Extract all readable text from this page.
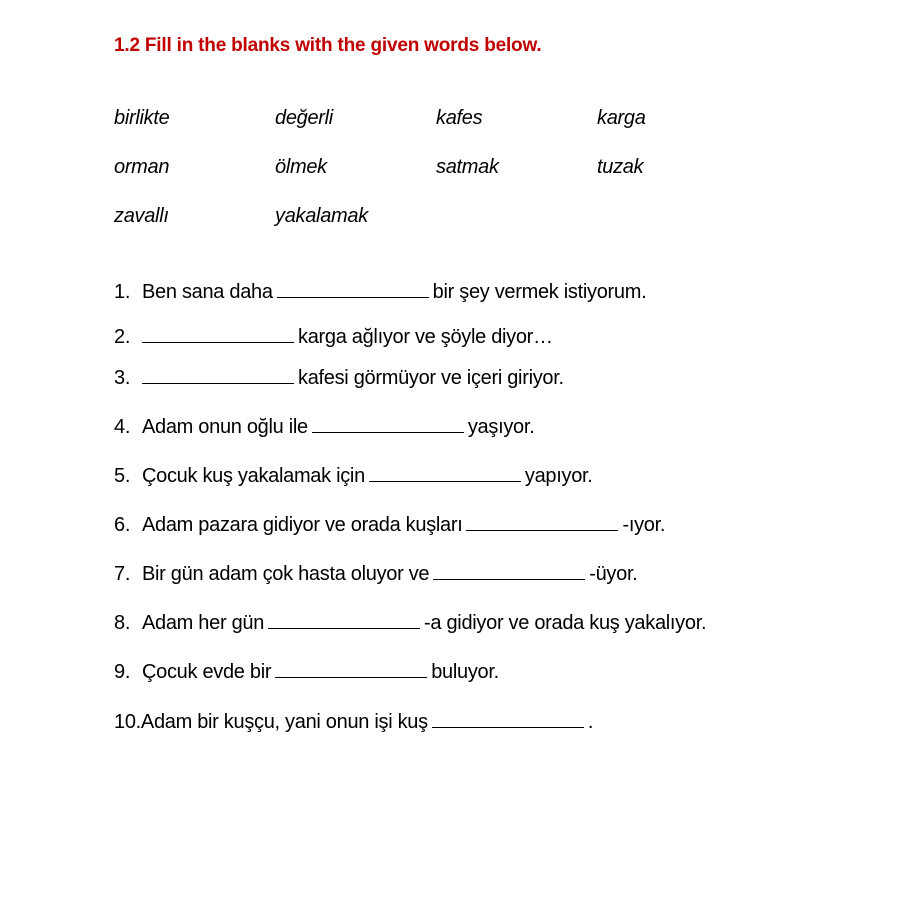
1.2 Fill in the blanks with the given words below.
birlikte	değerli	kafes	karga
orman	ölmek	satmak	tuzak
zavallı	yakalamak
1. Ben sana daha	bir şey vermek istiyorum.
2.	karga ağlıyor ve şöyle diyor…
3.	kafesi görmüyor ve içeri giriyor.
4. Adam onun oğlu ile	yaşıyor.
5. Çocuk kuş yakalamak için	yapıyor.
6. Adam pazara gidiyor ve orada kuşları	-ıyor.
7. Bir gün adam çok hasta oluyor ve	-üyor.
8. Adam her gün	-a gidiyor ve orada kuş yakalıyor.
9. Çocuk evde bir	buluyor.
10.Adam bir kuşçu, yani onun işi kuş	.
